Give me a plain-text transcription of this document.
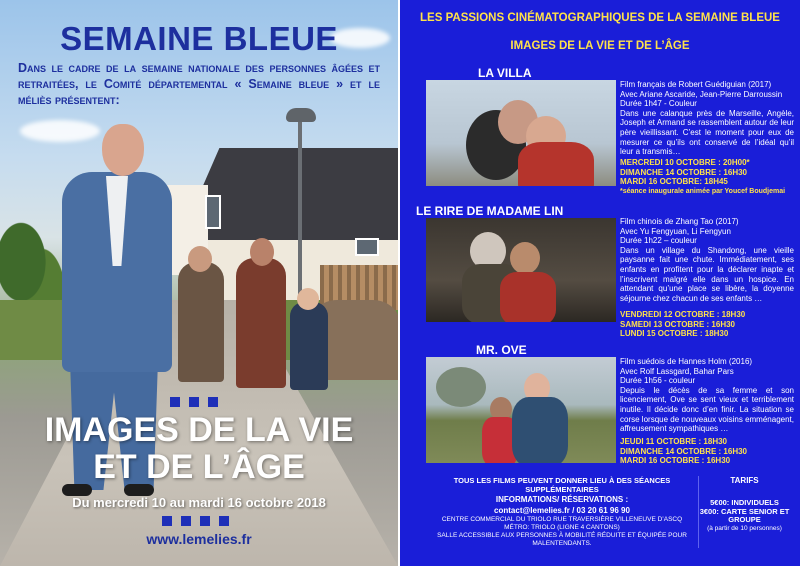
SEMAINE BLEUE
Dans le cadre de la semaine nationale des personnes âgées et retraitées, le Comité départemental « Semaine bleue » et le méliès présentent:
IMAGES DE LA VIE
ET DE L’ÂGE
Du mercredi 10 au mardi 16 octobre 2018
www.lemelies.fr
LES PASSIONS CINÉMATOGRAPHIQUES DE LA SEMAINE BLEUE
IMAGES DE LA VIE ET DE L’ÂGE
LA VILLA

Film français de Robert Guédiguian (2017)

Avec Ariane Ascaride, Jean-Pierre Darroussin

Durée 1h47 - Couleur

Dans une calanque près de Marseille, Angèle, Joseph et Armand se rassemblent autour de leur père vieillissant. C’est le moment pour eux de mesurer ce qu’ils ont conservé de l’idéal qu’il leur a transmis…

MERCREDI 10 OCTOBRE : 20H00*
DIMANCHE 14 OCTOBRE : 16H30
MARDI 16 OCTOBRE: 18H45
*séance inaugurale animée par Youcef Boudjemai
LE RIRE DE MADAME LIN

Film chinois de Zhang Tao (2017)

Avec Yu Fengyuan, Li Fengyun

Durée 1h22 – couleur

Dans un village du Shandong, une vieille paysanne fait une chute. Immédiatement, ses enfants en profitent pour la déclarer inapte et l’inscrivent malgré elle dans un hospice. En attendant qu’une place se libère, la doyenne séjourne chez chacun de ses enfants …

VENDREDI 12 OCTOBRE : 18H30
SAMEDI 13 OCTOBRE : 16H30
LUNDI 15 OCTOBRE : 18H30
MR. OVE

Film suédois de Hannes Holm (2016)

Avec Rolf Lassgard, Bahar Pars

Durée 1h56 - couleur

Depuis le décès de sa femme et son licenciement, Ove se sent vieux et terriblement inutile. Il décide donc d’en finir. La situation se corse lorsque de nouveaux voisins emménagent, affreusement sympathiques …

JEUDI 11 OCTOBRE : 18H30
DIMANCHE 14 OCTOBRE : 16H30
MARDI 16 OCTOBRE : 16H30
TOUS LES FILMS PEUVENT DONNER LIEU À DES SÉANCES SUPPLÉMENTAIRES
INFORMATIONS/ RÉSERVATIONS :
contact@lemelies.fr / 03 20 61 96 90
CENTRE COMMERCIAL DU TRIOLO RUE TRAVERSIÈRE VILLENEUVE D’ASCQ
MÉTRO: TRIOLO (LIGNE 4 CANTONS)
SALLE ACCESSIBLE AUX PERSONNES À MOBILITÉ RÉDUITE ET ÉQUIPÉE POUR MALENTENDANTS.
TARIFS
5€00: INDIVIDUELS
3€00: CARTE SENIOR ET GROUPE
(à partir de 10 personnes)
